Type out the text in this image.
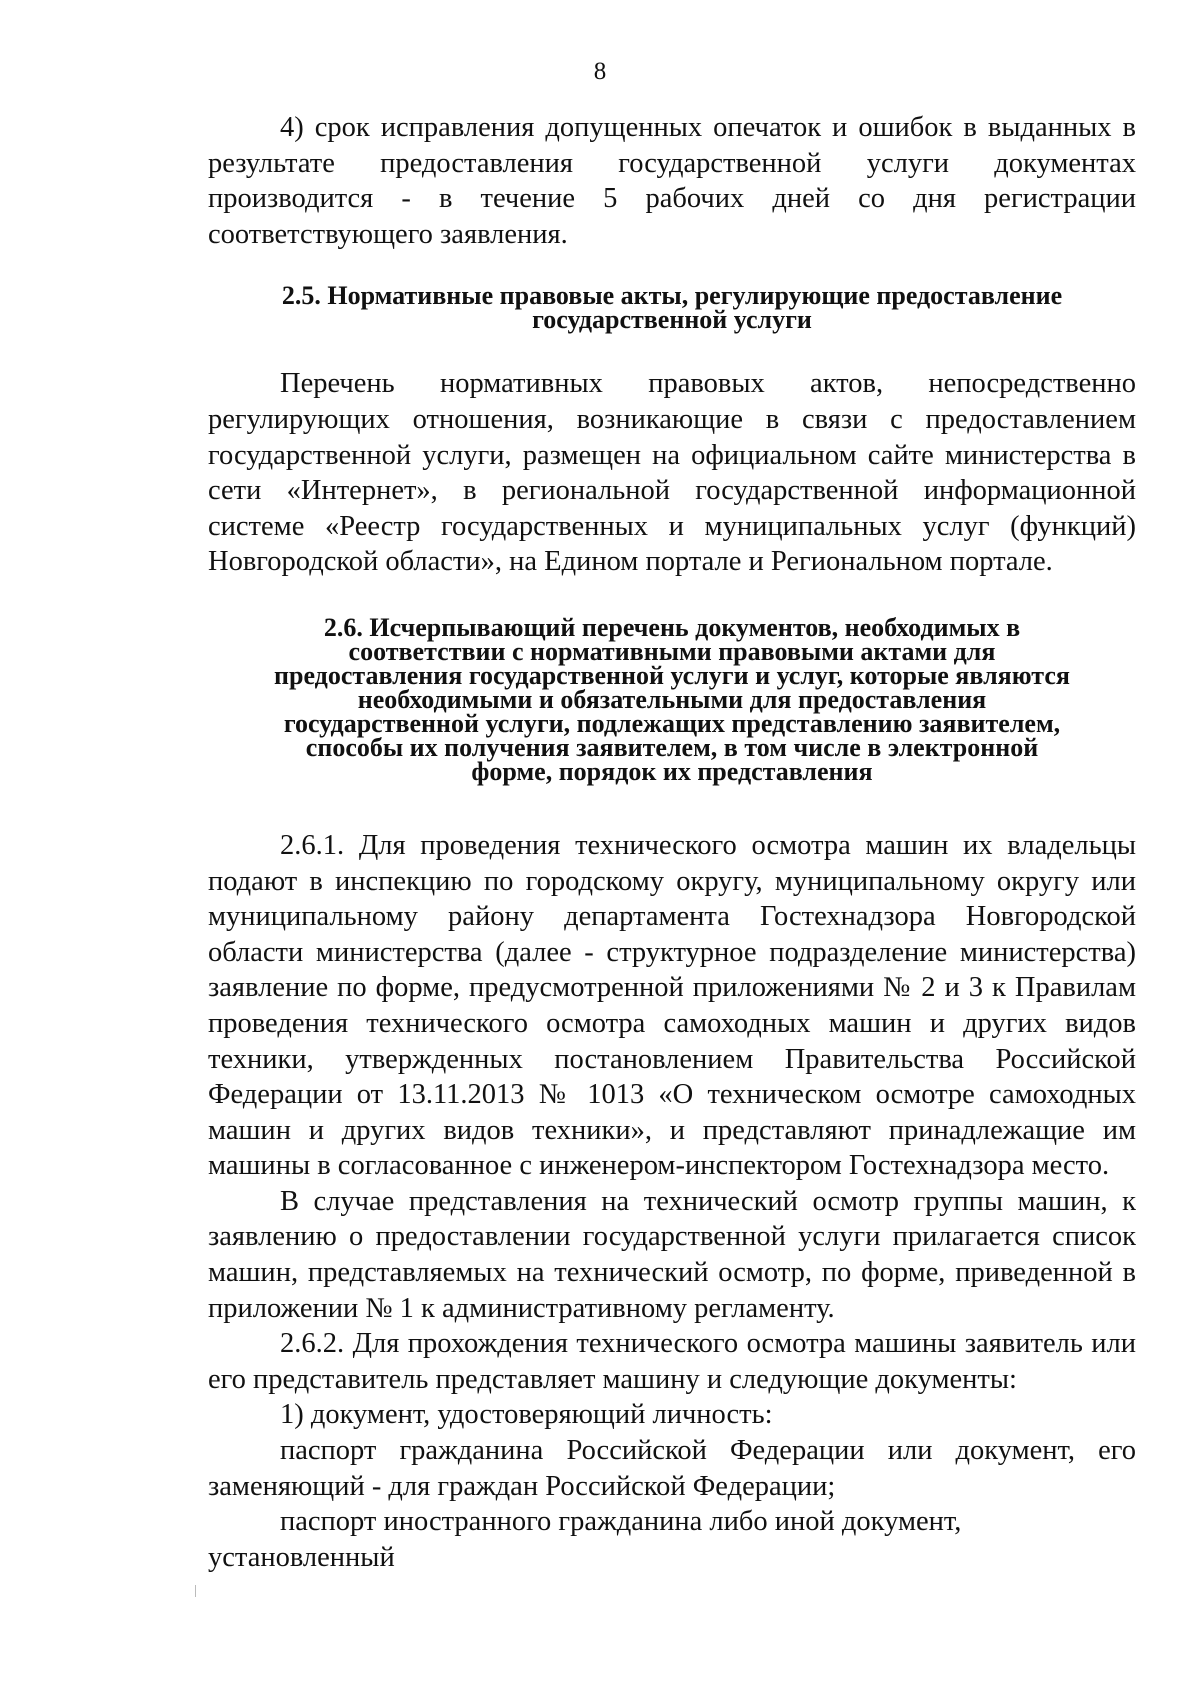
8

4) срок исправления допущенных опечаток и ошибок в выданных в результате предоставления государственной услуги документах производится - в течение 5 рабочих дней со дня регистрации соответствующего заявления.

2.5. Нормативные правовые акты, регулирующие предоставление государственной услуги

Перечень нормативных правовых актов, непосредственно регулирующих отношения, возникающие в связи с предоставлением государственной услуги, размещен на официальном сайте министерства в сети «Интернет», в региональной государственной информационной системе «Реестр государственных и муниципальных услуг (функций) Новгородской области», на Едином портале и Региональном портале.

2.6. Исчерпывающий перечень документов, необходимых в соответствии с нормативными правовыми актами для предоставления государственной услуги и услуг, которые являются необходимыми и обязательными для предоставления государственной услуги, подлежащих представлению заявителем, способы их получения заявителем, в том числе в электронной форме, порядок их представления

2.6.1. Для проведения технического осмотра машин их владельцы подают в инспекцию по городскому округу, муниципальному округу или муниципальному району департамента Гостехнадзора Новгородской области министерства (далее - структурное подразделение министерства) заявление по форме, предусмотренной приложениями № 2 и 3 к Правилам проведения технического осмотра самоходных машин и других видов техники, утвержденных постановлением Правительства Российской Федерации от 13.11.2013 № 1013 «О техническом осмотре самоходных машин и других видов техники», и представляют принадлежащие им машины в согласованное с инженером-инспектором Гостехнадзора место.

В случае представления на технический осмотр группы машин, к заявлению о предоставлении государственной услуги прилагается список машин, представляемых на технический осмотр, по форме, приведенной в приложении № 1 к административному регламенту.

2.6.2. Для прохождения технического осмотра машины заявитель или его представитель представляет машину и следующие документы:

1) документ, удостоверяющий личность:

паспорт гражданина Российской Федерации или документ, его заменяющий - для граждан Российской Федерации;

паспорт иностранного гражданина либо иной документ, установленный
